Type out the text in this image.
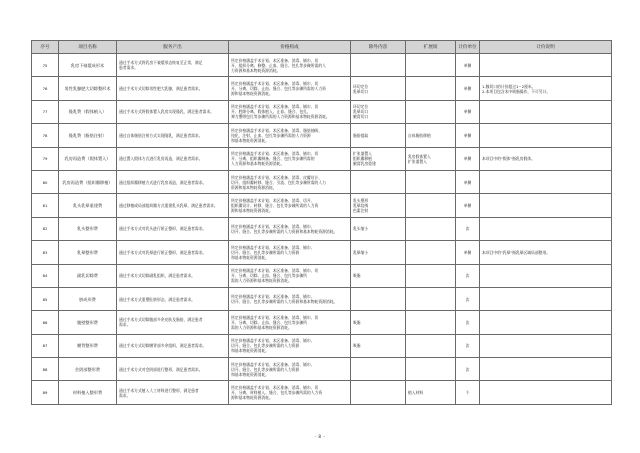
序号	项目名称	服务产出	价格构成	除外内容	扩展项	计价单位	计价说明
75	乳房下皱襞成形术	通过手术方式将乳房下皱襞形态恢复至正常，满足
患者需求。	所定价格涵盖手术计划、术区准备、消毒、铺巾、切
开、组织分离、修整、止血、缝合、包扎等步骤所需的人
力资源和基本物耗资源消耗。			单侧	
76	男性乳腺肥大切除整形术	通过手术方式切除男性肥大乳腺，满足患者需求。	所定价格涵盖手术计划、术区准备、消毒、铺巾、切
开、分离、切除、止血、缝合、包扎等步骤所需的人力资
源和基本物耗资源消耗。	环切定位
乳晕切口		单侧	1.腺切口的计价超过1~2厘米。
2.本项目包含术中吸脂操作，不可另计。

77	隆乳费（假体植入）	通过手术方式将假体置入乳房实现隆乳，满足患者需求。	所定价格涵盖手术计划、术区准备、消毒、铺巾、切
开、腔隙分离、假体植入、止血、缝合、包扎、
弹力绷带包扎等步骤所需的人力资源和基本物耗资源消耗。	环切定位
乳晕切口
腋窝切口		单侧	
78	隆乳费（脂肪注射）	通过自体脂肪注射方式实现隆乳，满足患者需求。	所定价格涵盖手术计划、术区准备、消毒、脂肪抽吸、
纯化、注射、止血、包扎等步骤所需的人力资源
和基本物耗资源消耗。	脂肪提取	自体脂肪移植	单侧	
79	乳房再造费（假体置入）	通过置入假体方式进行乳房再造，满足患者需求。	所定价格涵盖手术计划、术区准备、消毒、铺巾、切
开、分离、组织瓣制备、缝合、包扎等步骤所需的
人力资源和基本物耗资源消耗。	扩张器置入
组织瓣移植
腋窝乳房重建	乳房假体置入
扩张器置入	单侧	本项目中的"假体"指乳房假体。

80	乳房再造费（组织瓣移植）	通过组织瓣移植方式进行乳房再造，满足患者需求。	所定价格涵盖手术计划、术区准备、消毒、皮瓣设计、
切开、组织瓣转移、缝合、引流、包扎等步骤所需的人力
资源和基本物耗资源消耗。			单侧	
81	乳头乳晕重建费	通过移植或局部组织瓣方式重建乳头乳晕，满足患者需求。	所定价格涵盖手术计划、术区准备、消毒、切开、
组织瓣设计、转移、缝合、包扎等步骤所需的人力资
源和基本物耗资源消耗。	乳头塑形
乳晕纹绣
色素注射		单侧	
82	乳头整形费	通过手术方式对乳头进行矫正整形，满足患者需求。	所定价格涵盖手术计划、术区准备、消毒、铺巾、
切开、缝合、包扎等步骤所需的人力资源和基本物耗资源消耗。	乳头缩小		次	
83	乳晕整形费	通过手术方式对乳晕进行矫正整形，满足患者需求。	所定价格涵盖手术计划、术区准备、消毒、铺巾、
切开、缝合、包扎等步骤所需的人力资源
和基本物耗资源消耗。	乳晕缩小		单侧	本项目中的"乳晕"指乳晕区域局部整形。

84	副乳切除费	通过手术方式切除副乳组织，满足患者需求。	所定价格涵盖手术计划、术区准备、消毒、铺巾、切
开、分离、切除、止血、缝合、包扎等步骤所
需的人力资源和基本物耗资源消耗。	吸脂		次	
85	脐成形费	通过手术方式重塑肚脐形态，满足患者需求。	所定价格涵盖手术计划、术区准备、消毒、铺巾、
切开、缝合、包扎等步骤所需的人力资源和基本物耗资源消耗。			次	
86	腹壁整形费	通过手术方式切除腹部多余皮肤及脂肪，满足患者
需求。	所定价格涵盖手术计划、术区准备、消毒、铺巾、切
开、分离、切除、止血、缝合、包扎等步骤所
需的人力资源和基本物耗资源消耗。	吸脂		次	
87	腰背整形费	通过手术方式切除腰背部多余组织，满足患者需求。	所定价格涵盖手术计划、术区准备、消毒、铺巾、
切开、缝合、包扎等步骤所需的人力资源
和基本物耗资源消耗。	吸脂		次	
88	会阴部整形费	通过手术方式对会阴部进行整形，满足患者需求。	所定价格涵盖手术计划、术区准备、消毒、铺巾、
切开、缝合、包扎等步骤所需的人力资源
和基本物耗资源消耗。			次	
89	材料植入整形费	通过手术方式植入人工材料进行整形，满足患者
需求。	所定价格涵盖手术计划、术区准备、消毒、铺巾、切
开、分离、材料植入、缝合、包扎等步骤所需的人力资
源和基本物耗资源消耗。		植入材料	个	
- 8 -
